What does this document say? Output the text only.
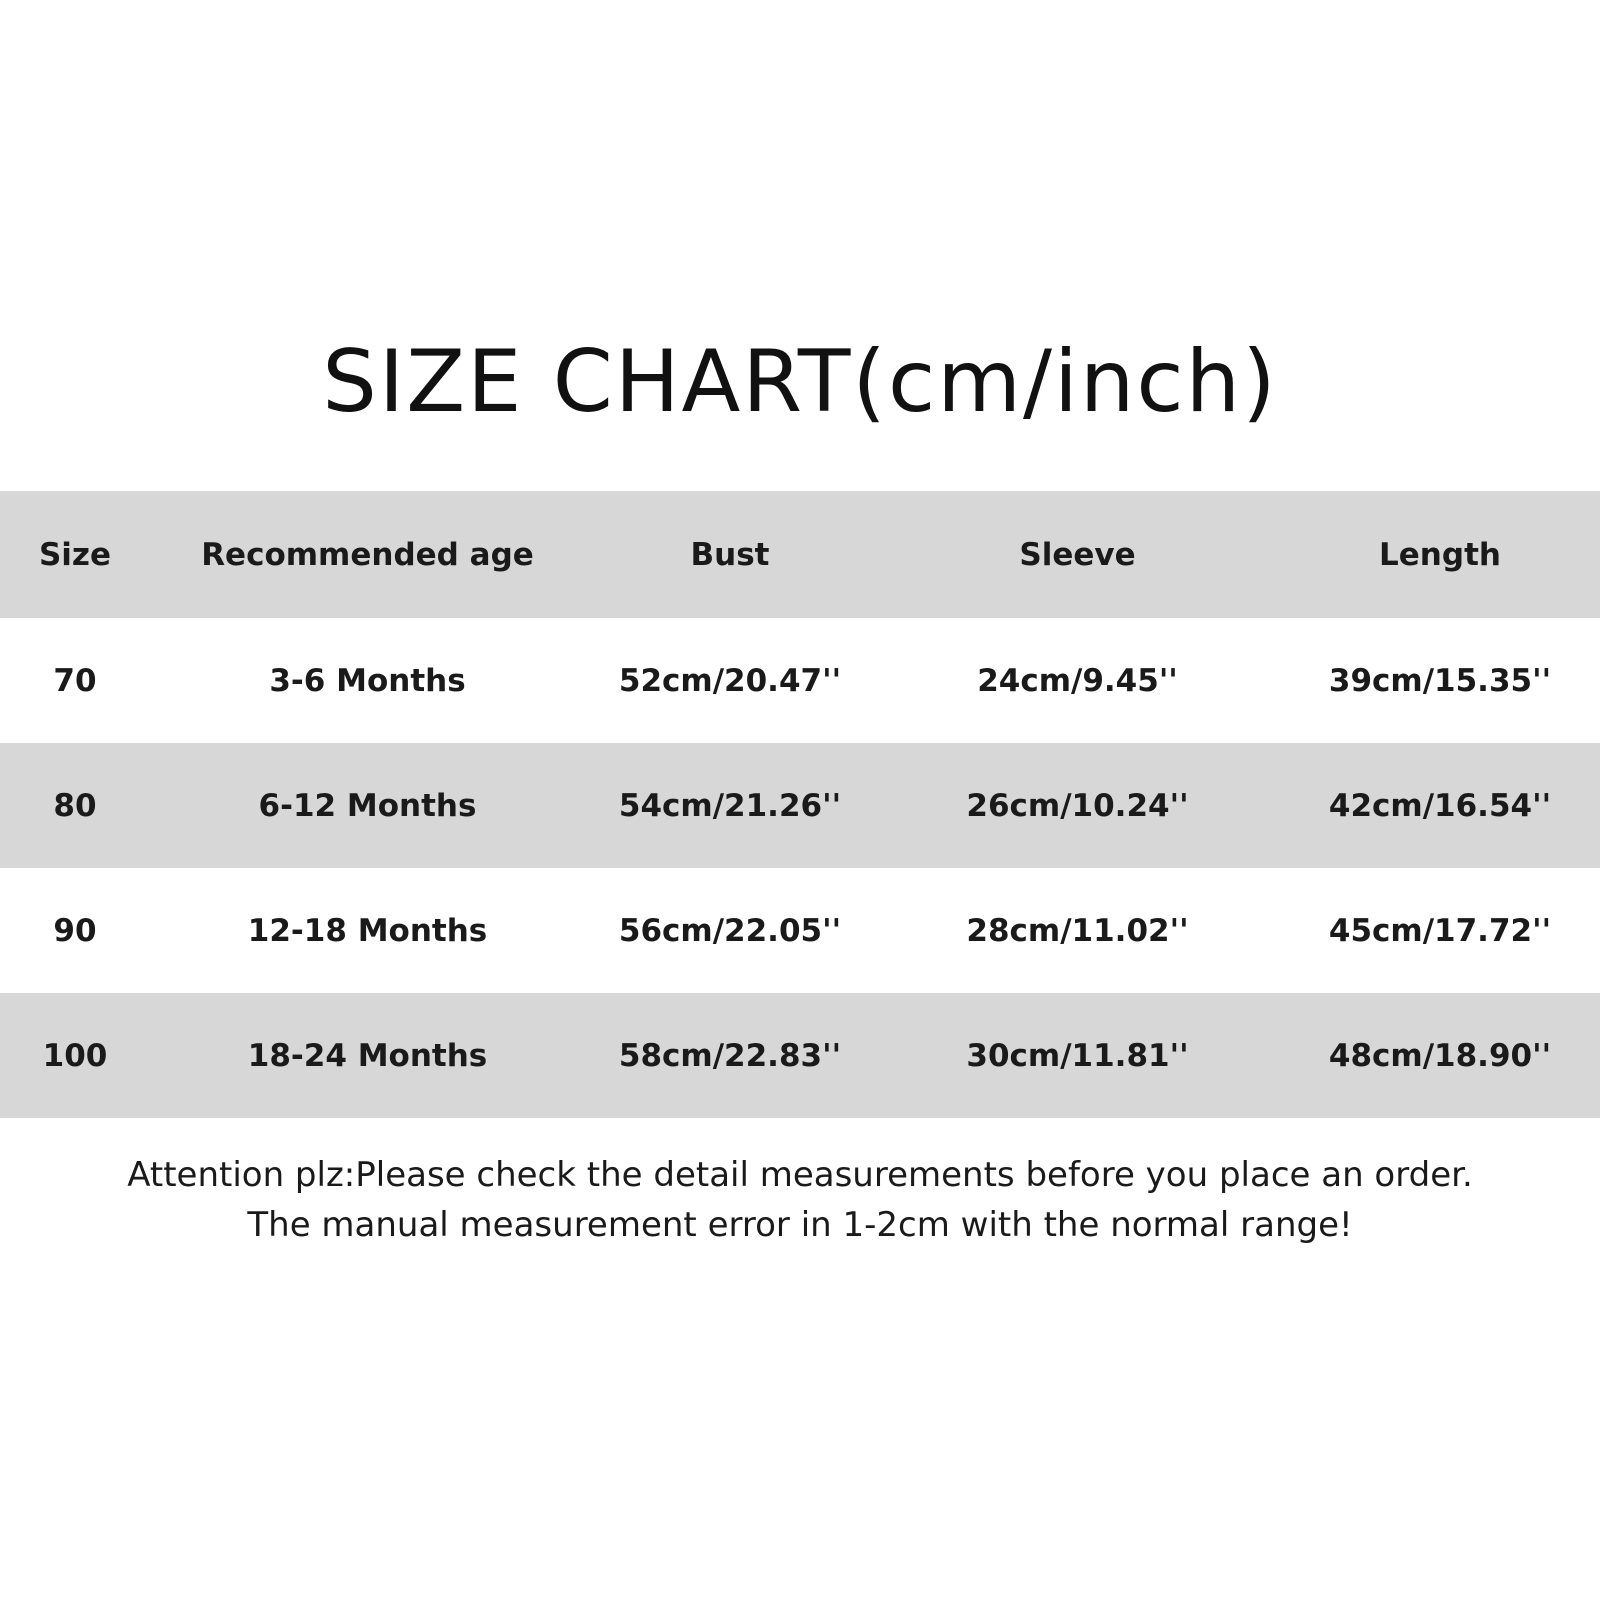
SIZE CHART(cm/inch)
Size	Recommended age	Bust	Sleeve	Length
70	3-6 Months	52cm/20.47''	24cm/9.45''	39cm/15.35''
80	6-12 Months	54cm/21.26''	26cm/10.24''	42cm/16.54''
90	12-18 Months	56cm/22.05''	28cm/11.02''	45cm/17.72''
100	18-24 Months	58cm/22.83''	30cm/11.81''	48cm/18.90''
Attention plz:Please check the detail measurements before you place an order.
The manual measurement error in 1-2cm with the normal range!
